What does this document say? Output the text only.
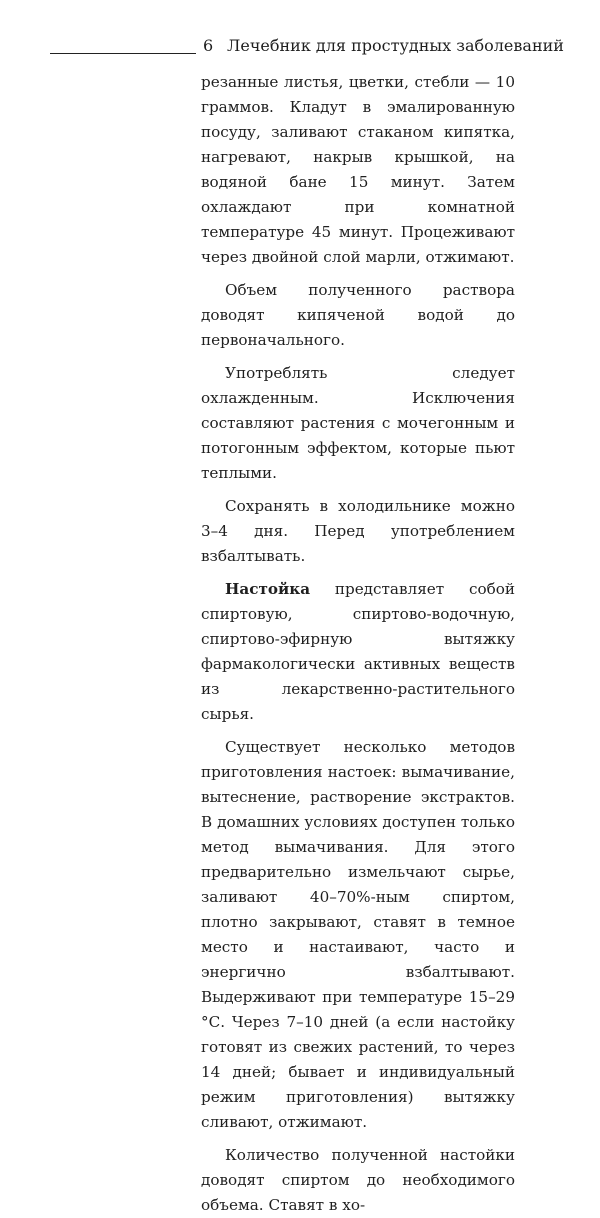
6 Лечебник для простудных заболеваний

резанные листья, цветки, стебли — 10 граммов. Кладут в эмалированную посуду, заливают стаканом кипятка, нагревают, накрыв крышкой, на водяной бане 15 минут. Затем охлаждают при комнатной температуре 45 минут. Процеживают через двойной слой марли, отжимают.

Объем полученного раствора доводят кипяченой водой до первоначального.

Употреблять следует охлажденным. Исключения составляют растения с мочегонным и потогонным эффектом, которые пьют теплыми.

Сохранять в холодильнике можно 3–4 дня. Перед употреблением взбалтывать.

Настойка представляет собой спиртовую, спиртово-водочную, спиртово-эфирную вытяжку фармакологически активных веществ из лекарственно-растительного сырья.

Существует несколько методов приготовления настоек: вымачивание, вытеснение, растворение экстрактов. В домашних условиях доступен только метод вымачивания. Для этого предварительно измельчают сырье, заливают 40–70%-ным спиртом, плотно закрывают, ставят в темное место и настаивают, часто и энергично взбалтывают. Выдерживают при температуре 15–29 °С. Через 7–10 дней (а если настойку готовят из свежих растений, то через 14 дней; бывает и индивидуальный режим приготовления) вытяжку сливают, отжимают.

Количество полученной настойки доводят спиртом до необходимого объема. Ставят в хо-
